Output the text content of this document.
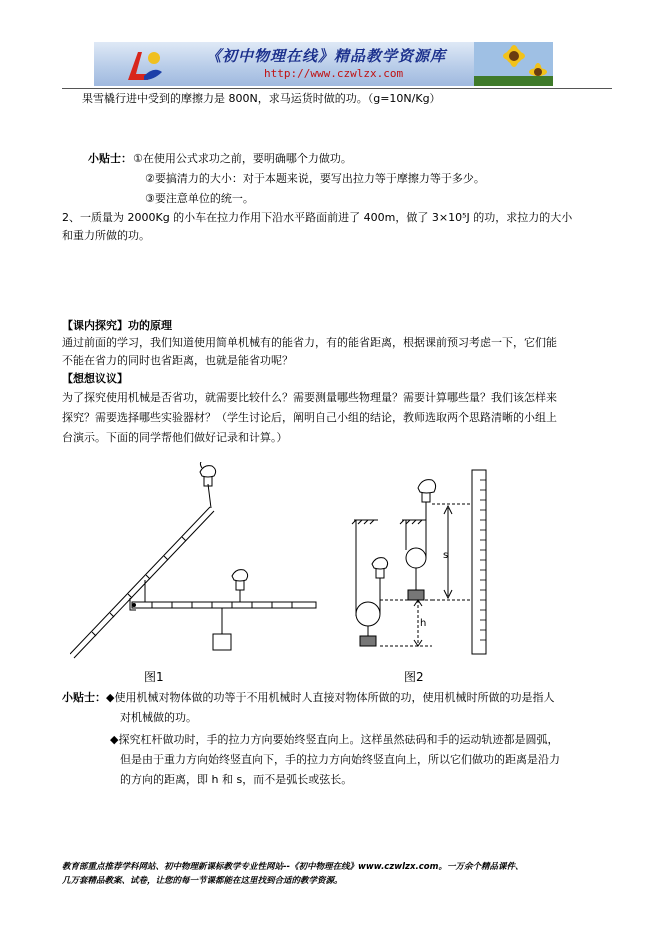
《初中物理在线》精品教学资源库
http://www.czwlzx.com
果雪橇行进中受到的摩擦力是 800N，求马运货时做的功。（g=10N/Kg）
小贴士： ①在使用公式求功之前，要明确哪个力做功。
②要搞清力的大小：对于本题来说，要写出拉力等于摩擦力等于多少。
③要注意单位的统一。
2、一质量为 2000Kg 的小车在拉力作用下沿水平路面前进了 400m，做了 3×10⁵J 的功，求拉力的大小
和重力所做的功。
【课内探究】功的原理
通过前面的学习，我们知道使用简单机械有的能省力，有的能省距离，根据课前预习考虑一下，它们能
不能在省力的同时也省距离，也就是能省功呢？
【想想议议】
为了探究使用机械是否省功，就需要比较什么？需要测量哪些物理量？需要计算哪些量？我们该怎样来
探究？需要选择哪些实验器材？（学生讨论后，阐明自己小组的结论，教师选取两个思路清晰的小组上
台演示。下面的同学帮他们做好记录和计算。）
图1
s
h
图2
小贴士： ◆使用机械对物体做的功等于不用机械时人直接对物体所做的功，使用机械时所做的功是指人
对机械做的功。
◆探究杠杆做功时，手的拉力方向要始终竖直向上。这样虽然砝码和手的运动轨迹都是圆弧，
但是由于重力方向始终竖直向下，手的拉力方向始终竖直向上，所以它们做功的距离是沿力
的方向的距离，即 h 和 s，而不是弧长或弦长。
教育部重点推荐学科网站、初中物理新课标教学专业性网站--《初中物理在线》www.czwlzx.com。一万余个精品课件、
几万套精品教案、试卷，让您的每一节课都能在这里找到合适的教学资源。
